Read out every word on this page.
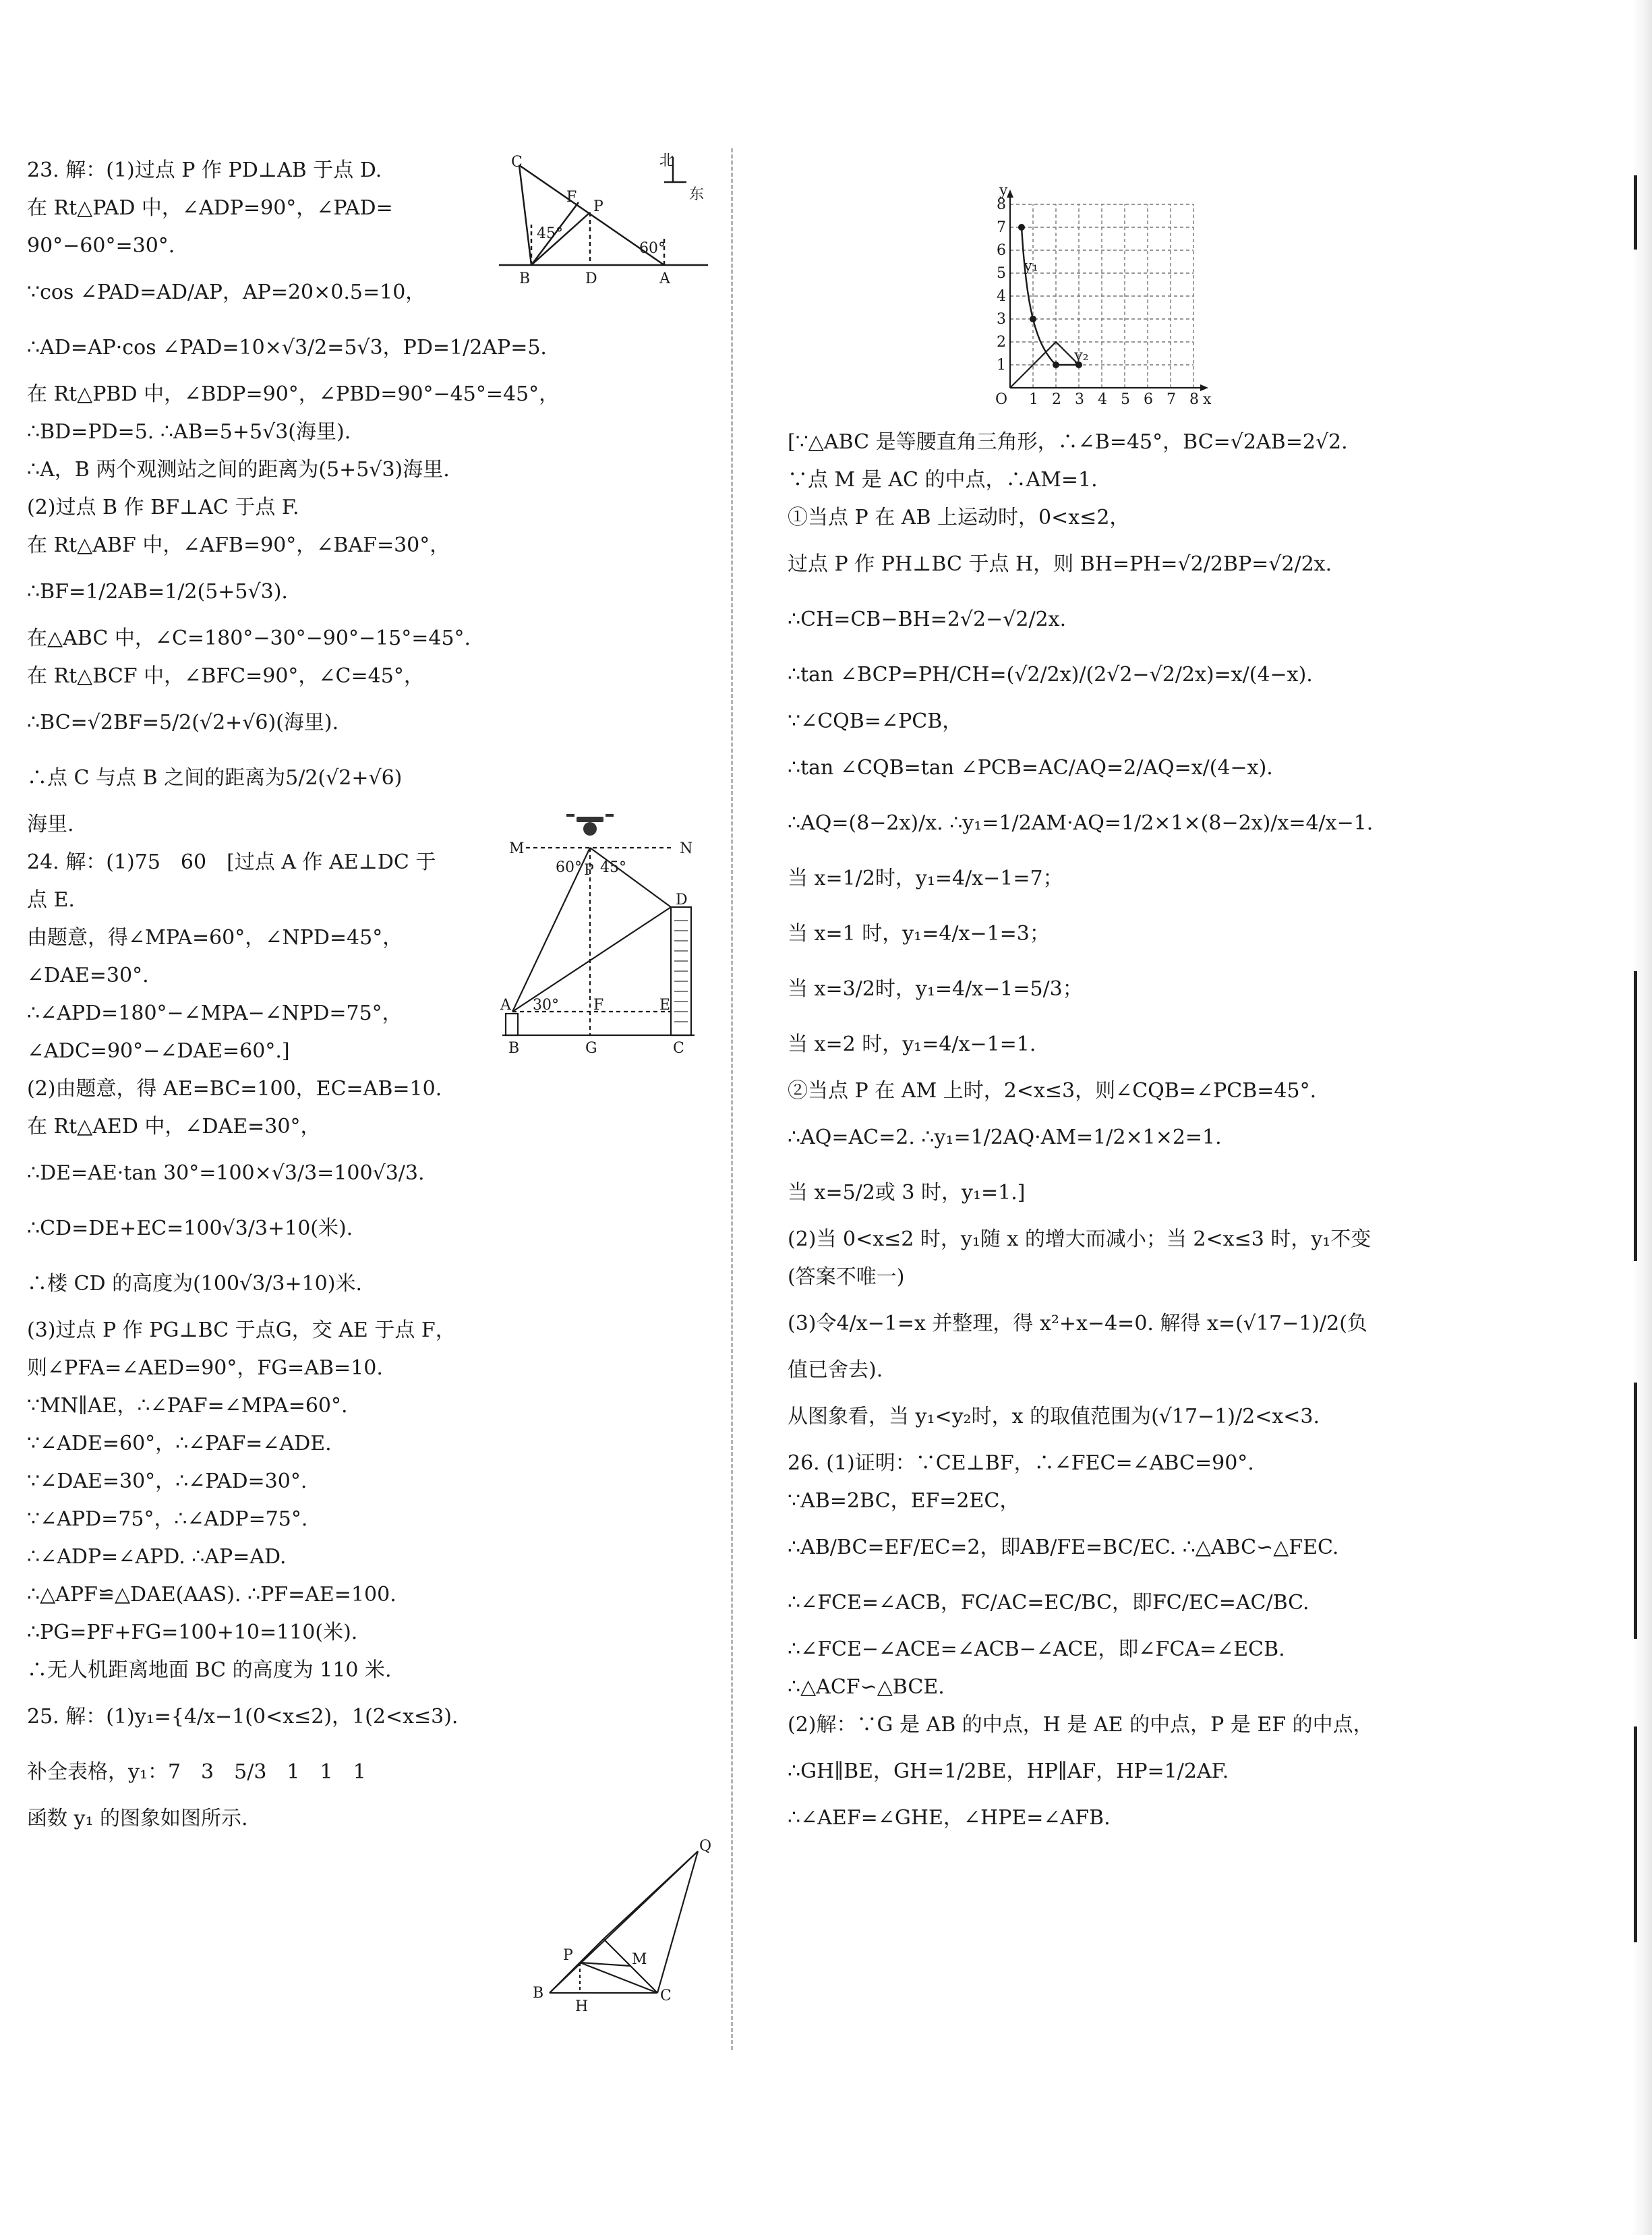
23. 解：(1)过点 P 作 PD⊥AB 于点 D.
在 Rt△PAD 中，∠ADP=90°，∠PAD=
90°−60°=30°.
∵cos ∠PAD=AD/AP，AP=20×0.5=10，
∴AD=AP·cos ∠PAD=10×√3/2=5√3，PD=1/2AP=5.
在 Rt△PBD 中，∠BDP=90°，∠PBD=90°−45°=45°，
∴BD=PD=5. ∴AB=5+5√3(海里).
∴A，B 两个观测站之间的距离为(5+5√3)海里.
(2)过点 B 作 BF⊥AC 于点 F.
在 Rt△ABF 中，∠AFB=90°，∠BAF=30°，
∴BF=1/2AB=1/2(5+5√3).
在△ABC 中，∠C=180°−30°−90°−15°=45°.
在 Rt△BCF 中，∠BFC=90°，∠C=45°，
∴BC=√2BF=5/2(√2+√6)(海里).
∴点 C 与点 B 之间的距离为5/2(√2+√6)
海里.
24. 解：(1)75　60　[过点 A 作 AE⊥DC 于
点 E.
由题意，得∠MPA=60°，∠NPD=45°，
∠DAE=30°.
∴∠APD=180°−∠MPA−∠NPD=75°，
∠ADC=90°−∠DAE=60°.]
(2)由题意，得 AE=BC=100，EC=AB=10.
在 Rt△AED 中，∠DAE=30°，
∴DE=AE·tan 30°=100×√3/3=100√3/3.
∴CD=DE+EC=100√3/3+10(米).
∴楼 CD 的高度为(100√3/3+10)米.
(3)过点 P 作 PG⊥BC 于点G，交 AE 于点 F，
则∠PFA=∠AED=90°，FG=AB=10.
∵MN∥AE，∴∠PAF=∠MPA=60°.
∵∠ADE=60°，∴∠PAF=∠ADE.
∵∠DAE=30°，∴∠PAD=30°.
∵∠APD=75°，∴∠ADP=75°.
∴∠ADP=∠APD. ∴AP=AD.
∴△APF≌△DAE(AAS). ∴PF=AE=100.
∴PG=PF+FG=100+10=110(米).
∴无人机距离地面 BC 的高度为 110 米.
25. 解：(1)y₁={4/x−1(0<x≤2)，1(2<x≤3).
补全表格，y₁：7　3　5/3　1　1　1
函数 y₁ 的图象如图所示.
[∵△ABC 是等腰直角三角形，∴∠B=45°，BC=√2AB=2√2.
∵点 M 是 AC 的中点，∴AM=1.
①当点 P 在 AB 上运动时，0<x≤2，
过点 P 作 PH⊥BC 于点 H，则 BH=PH=√2/2BP=√2/2x.
∴CH=CB−BH=2√2−√2/2x.
∴tan ∠BCP=PH/CH=(√2/2x)/(2√2−√2/2x)=x/(4−x).
∵∠CQB=∠PCB，
∴tan ∠CQB=tan ∠PCB=AC/AQ=2/AQ=x/(4−x).
∴AQ=(8−2x)/x. ∴y₁=1/2AM·AQ=1/2×1×(8−2x)/x=4/x−1.
当 x=1/2时，y₁=4/x−1=7；
当 x=1 时，y₁=4/x−1=3；
当 x=3/2时，y₁=4/x−1=5/3；
当 x=2 时，y₁=4/x−1=1.
②当点 P 在 AM 上时，2<x≤3，则∠CQB=∠PCB=45°.
∴AQ=AC=2. ∴y₁=1/2AQ·AM=1/2×1×2=1.
当 x=5/2或 3 时，y₁=1.]
(2)当 0<x≤2 时，y₁随 x 的增大而减小；当 2<x≤3 时，y₁不变
(答案不唯一)
(3)令4/x−1=x 并整理，得 x²+x−4=0. 解得 x=(√17−1)/2(负
值已舍去).
从图象看，当 y₁<y₂时，x 的取值范围为(√17−1)/2<x<3.
26. (1)证明：∵CE⊥BF，∴∠FEC=∠ABC=90°.
∵AB=2BC，EF=2EC，
∴AB/BC=EF/EC=2，即AB/FE=BC/EC. ∴△ABC∽△FEC.
∴∠FCE=∠ACB，FC/AC=EC/BC，即FC/EC=AC/BC.
∴∠FCE−∠ACE=∠ACB−∠ACE，即∠FCA=∠ECB.
∴△ACF∽△BCE.
(2)解：∵G 是 AB 的中点，H 是 AE 的中点，P 是 EF 的中点，
∴GH∥BE，GH=1/2BE，HP∥AF，HP=1/2AF.
∴∠AEF=∠GHE，∠HPE=∠AFB.
C
F
P
45°
60°
B	D	A
北
东
M	N
P
60° 45°
D
A 30° F	E
B	G	C
Q
P	M
B
H
C
1 2 3 4 5 6 7 8
1
2
3
4
5
6
7
8
O	x
y
y₁
y₂
